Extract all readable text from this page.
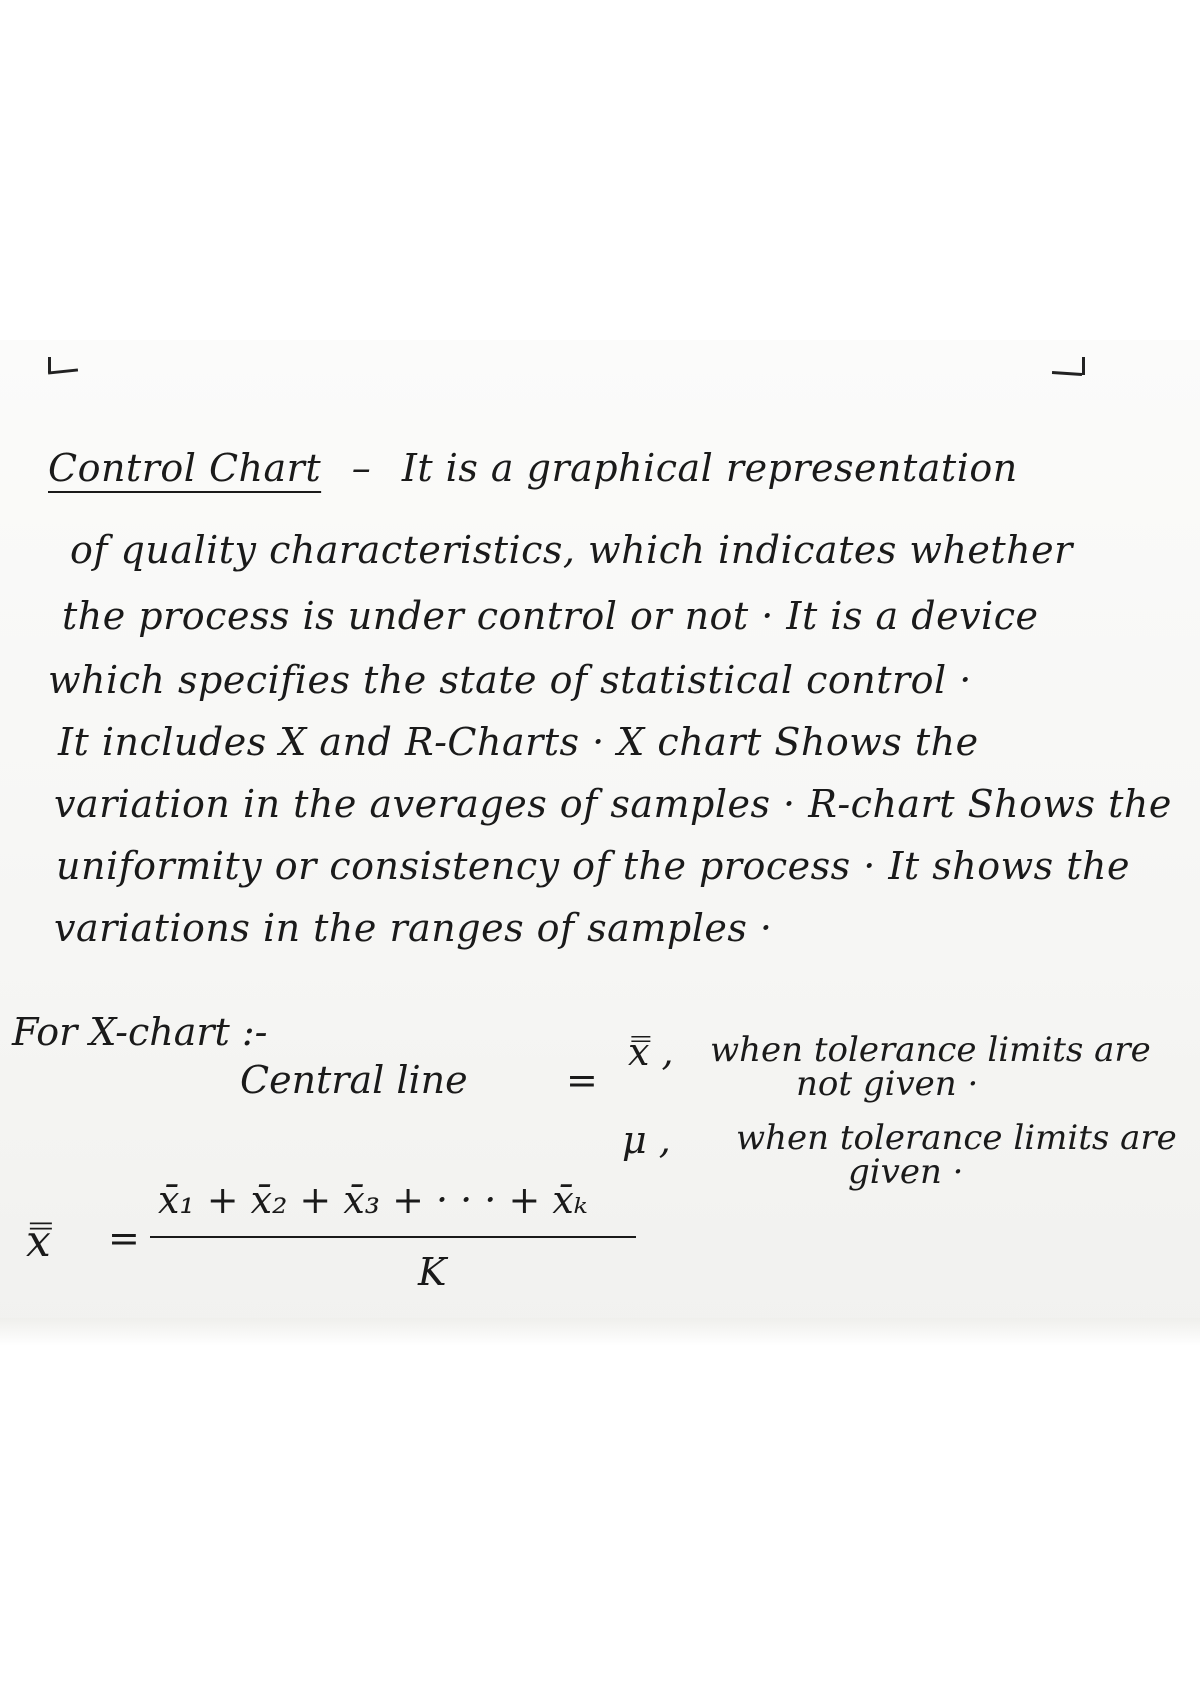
Control Chart – It is a graphical representation
of quality characteristics, which indicates whether
the process is under control or not · It is a device
which specifies the state of statistical control ·
It includes X and R-Charts · X chart Shows the
variation in the averages of samples · R-chart Shows the
uniformity or consistency of the process · It shows the
variations in the ranges of samples ·
For X-chart :-
Central line	=
x̿ , when tolerance limits are
not given ·
μ , when tolerance limits are
given ·
x̿ =
x̄₁ + x̄₂ + x̄₃ + · · · + x̄ₖ
K
